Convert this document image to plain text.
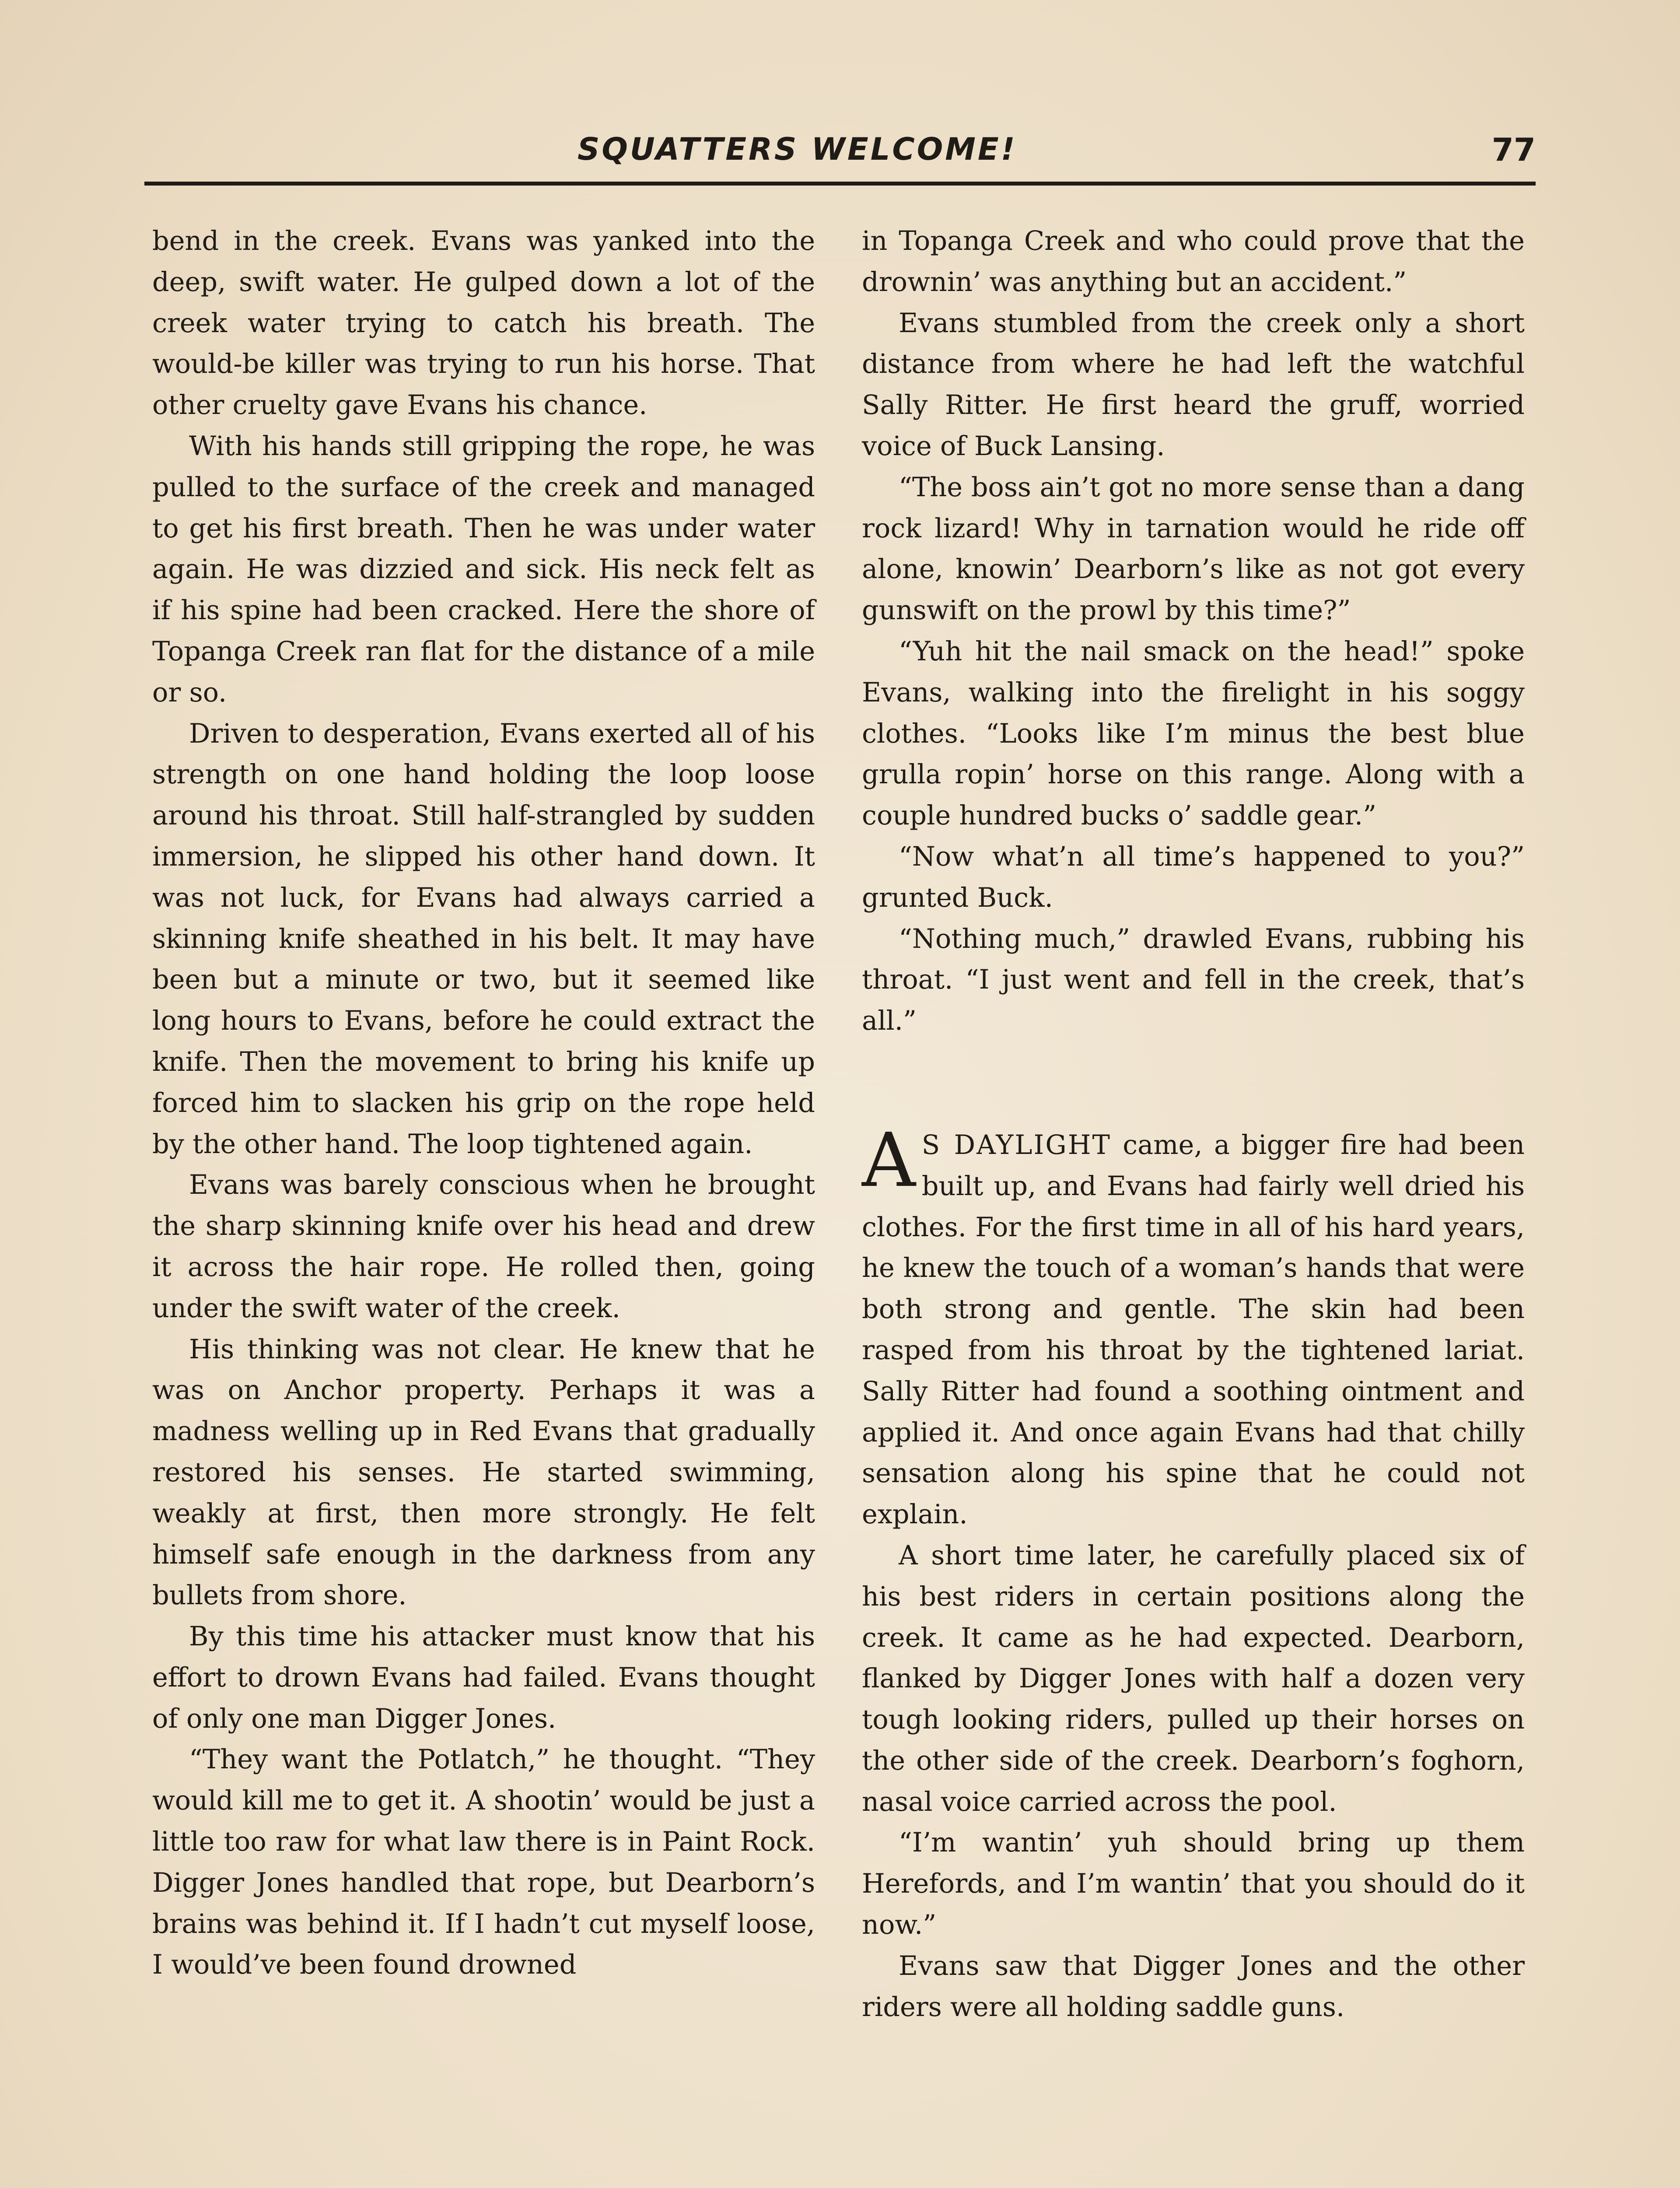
SQUATTERS WELCOME!	77

bend in the creek. Evans was yanked into the deep, swift water. He gulped down a lot of the creek water trying to catch his breath. The would-be killer was trying to run his horse. That other cruelty gave Evans his chance.

With his hands still gripping the rope, he was pulled to the surface of the creek and managed to get his first breath. Then he was under water again. He was dizzied and sick. His neck felt as if his spine had been cracked. Here the shore of Topanga Creek ran flat for the distance of a mile or so.

Driven to desperation, Evans exerted all of his strength on one hand holding the loop loose around his throat. Still half-strangled by sudden immersion, he slipped his other hand down. It was not luck, for Evans had always carried a skinning knife sheathed in his belt. It may have been but a minute or two, but it seemed like long hours to Evans, before he could extract the knife. Then the movement to bring his knife up forced him to slacken his grip on the rope held by the other hand. The loop tightened again.

Evans was barely conscious when he brought the sharp skinning knife over his head and drew it across the hair rope. He rolled then, going under the swift water of the creek.

His thinking was not clear. He knew that he was on Anchor property. Perhaps it was a madness welling up in Red Evans that gradually restored his senses. He started swimming, weakly at first, then more strongly. He felt himself safe enough in the darkness from any bullets from shore.

By this time his attacker must know that his effort to drown Evans had failed. Evans thought of only one man Digger Jones.

“They want the Potlatch,” he thought. “They would kill me to get it. A shootin’ would be just a little too raw for what law there is in Paint Rock. Digger Jones handled that rope, but Dearborn’s brains was behind it. If I hadn’t cut myself loose, I would’ve been found drowned

in Topanga Creek and who could prove that the drownin’ was anything but an accident.”

Evans stumbled from the creek only a short distance from where he had left the watchful Sally Ritter. He first heard the gruff, worried voice of Buck Lansing.

“The boss ain’t got no more sense than a dang rock lizard! Why in tarnation would he ride off alone, knowin’ Dearborn’s like as not got every gunswift on the prowl by this time?”

“Yuh hit the nail smack on the head!” spoke Evans, walking into the firelight in his soggy clothes. “Looks like I’m minus the best blue grulla ropin’ horse on this range. Along with a couple hundred bucks o’ saddle gear.”

“Now what’n all time’s happened to you?” grunted Buck.

“Nothing much,” drawled Evans, rubbing his throat. “I just went and fell in the creek, that’s all.”

A S DAYLIGHT came, a bigger fire had been built up, and Evans had fairly well dried his clothes. For the first time in all of his hard years, he knew the touch of a woman’s hands that were both strong and gentle. The skin had been rasped from his throat by the tightened lariat. Sally Ritter had found a soothing ointment and applied it. And once again Evans had that chilly sensation along his spine that he could not explain.

A short time later, he carefully placed six of his best riders in certain positions along the creek. It came as he had expected. Dearborn, flanked by Digger Jones with half a dozen very tough looking riders, pulled up their horses on the other side of the creek. Dearborn’s foghorn, nasal voice carried across the pool.

“I’m wantin’ yuh should bring up them Herefords, and I’m wantin’ that you should do it now.”

Evans saw that Digger Jones and the other riders were all holding saddle guns.
